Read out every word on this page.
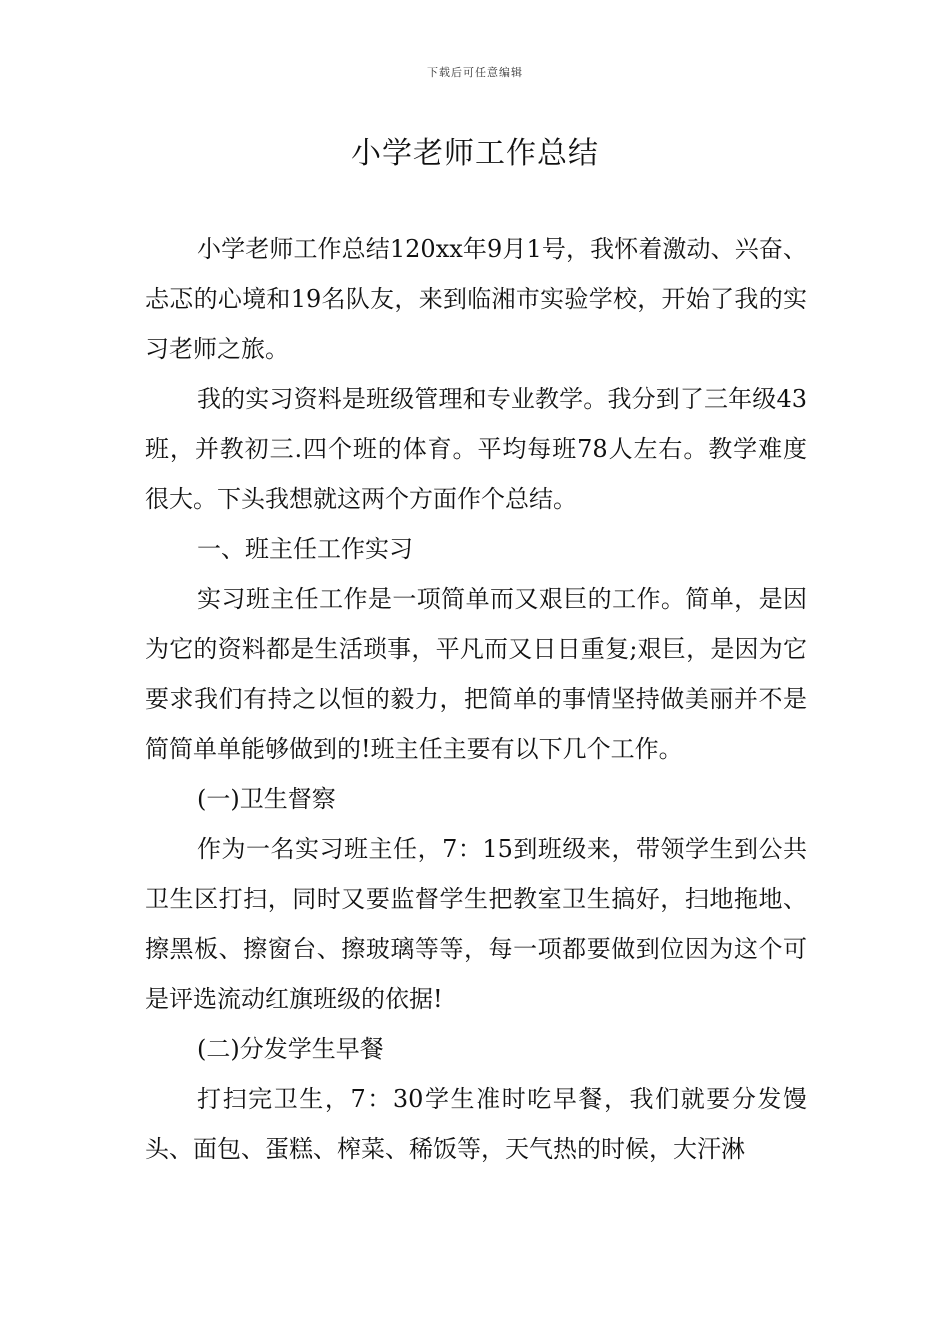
下载后可任意编辑
小学老师工作总结

小学老师工作总结120xx年9月1号，我怀着激动、兴奋、忐忑的心境和19名队友，来到临湘市实验学校，开始了我的实习老师之旅。

我的实习资料是班级管理和专业教学。我分到了三年级43班，并教初三.四个班的体育。平均每班78人左右。教学难度很大。下头我想就这两个方面作个总结。

一、班主任工作实习

实习班主任工作是一项简单而又艰巨的工作。简单，是因为它的资料都是生活琐事，平凡而又日日重复;艰巨，是因为它要求我们有持之以恒的毅力，把简单的事情坚持做美丽并不是简简单单能够做到的!班主任主要有以下几个工作。

(一)卫生督察

作为一名实习班主任，7：15到班级来，带领学生到公共卫生区打扫，同时又要监督学生把教室卫生搞好，扫地拖地、擦黑板、擦窗台、擦玻璃等等，每一项都要做到位因为这个可是评选流动红旗班级的依据!

(二)分发学生早餐

打扫完卫生，7：30学生准时吃早餐，我们就要分发馒头、面包、蛋糕、榨菜、稀饭等，天气热的时候，大汗淋
